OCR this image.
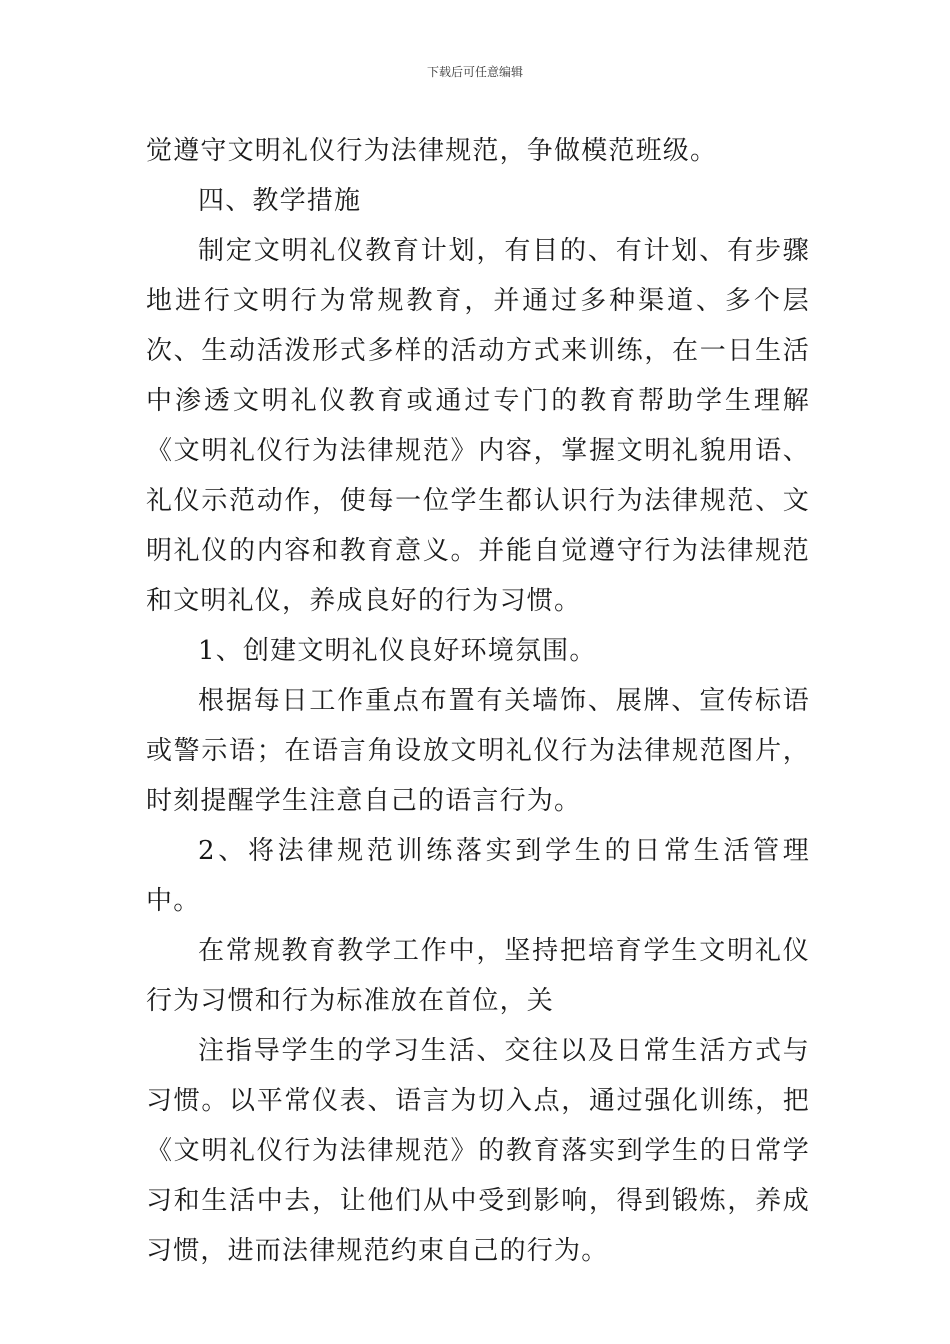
下载后可任意编辑

觉遵守文明礼仪行为法律规范，争做模范班级。

四、教学措施

制定文明礼仪教育计划，有目的、有计划、有步骤地进行文明行为常规教育，并通过多种渠道、多个层次、生动活泼形式多样的活动方式来训练，在一日生活中渗透文明礼仪教育或通过专门的教育帮助学生理解《文明礼仪行为法律规范》内容，掌握文明礼貌用语、礼仪示范动作，使每一位学生都认识行为法律规范、文明礼仪的内容和教育意义。并能自觉遵守行为法律规范和文明礼仪，养成良好的行为习惯。

1、创建文明礼仪良好环境氛围。

根据每日工作重点布置有关墙饰、展牌、宣传标语或警示语；在语言角设放文明礼仪行为法律规范图片，时刻提醒学生注意自己的语言行为。

2、将法律规范训练落实到学生的日常生活管理中。

在常规教育教学工作中，坚持把培育学生文明礼仪行为习惯和行为标准放在首位，关

注指导学生的学习生活、交往以及日常生活方式与习惯。以平常仪表、语言为切入点，通过强化训练，把《文明礼仪行为法律规范》的教育落实到学生的日常学习和生活中去，让他们从中受到影响，得到锻炼，养成习惯，进而法律规范约束自己的行为。
